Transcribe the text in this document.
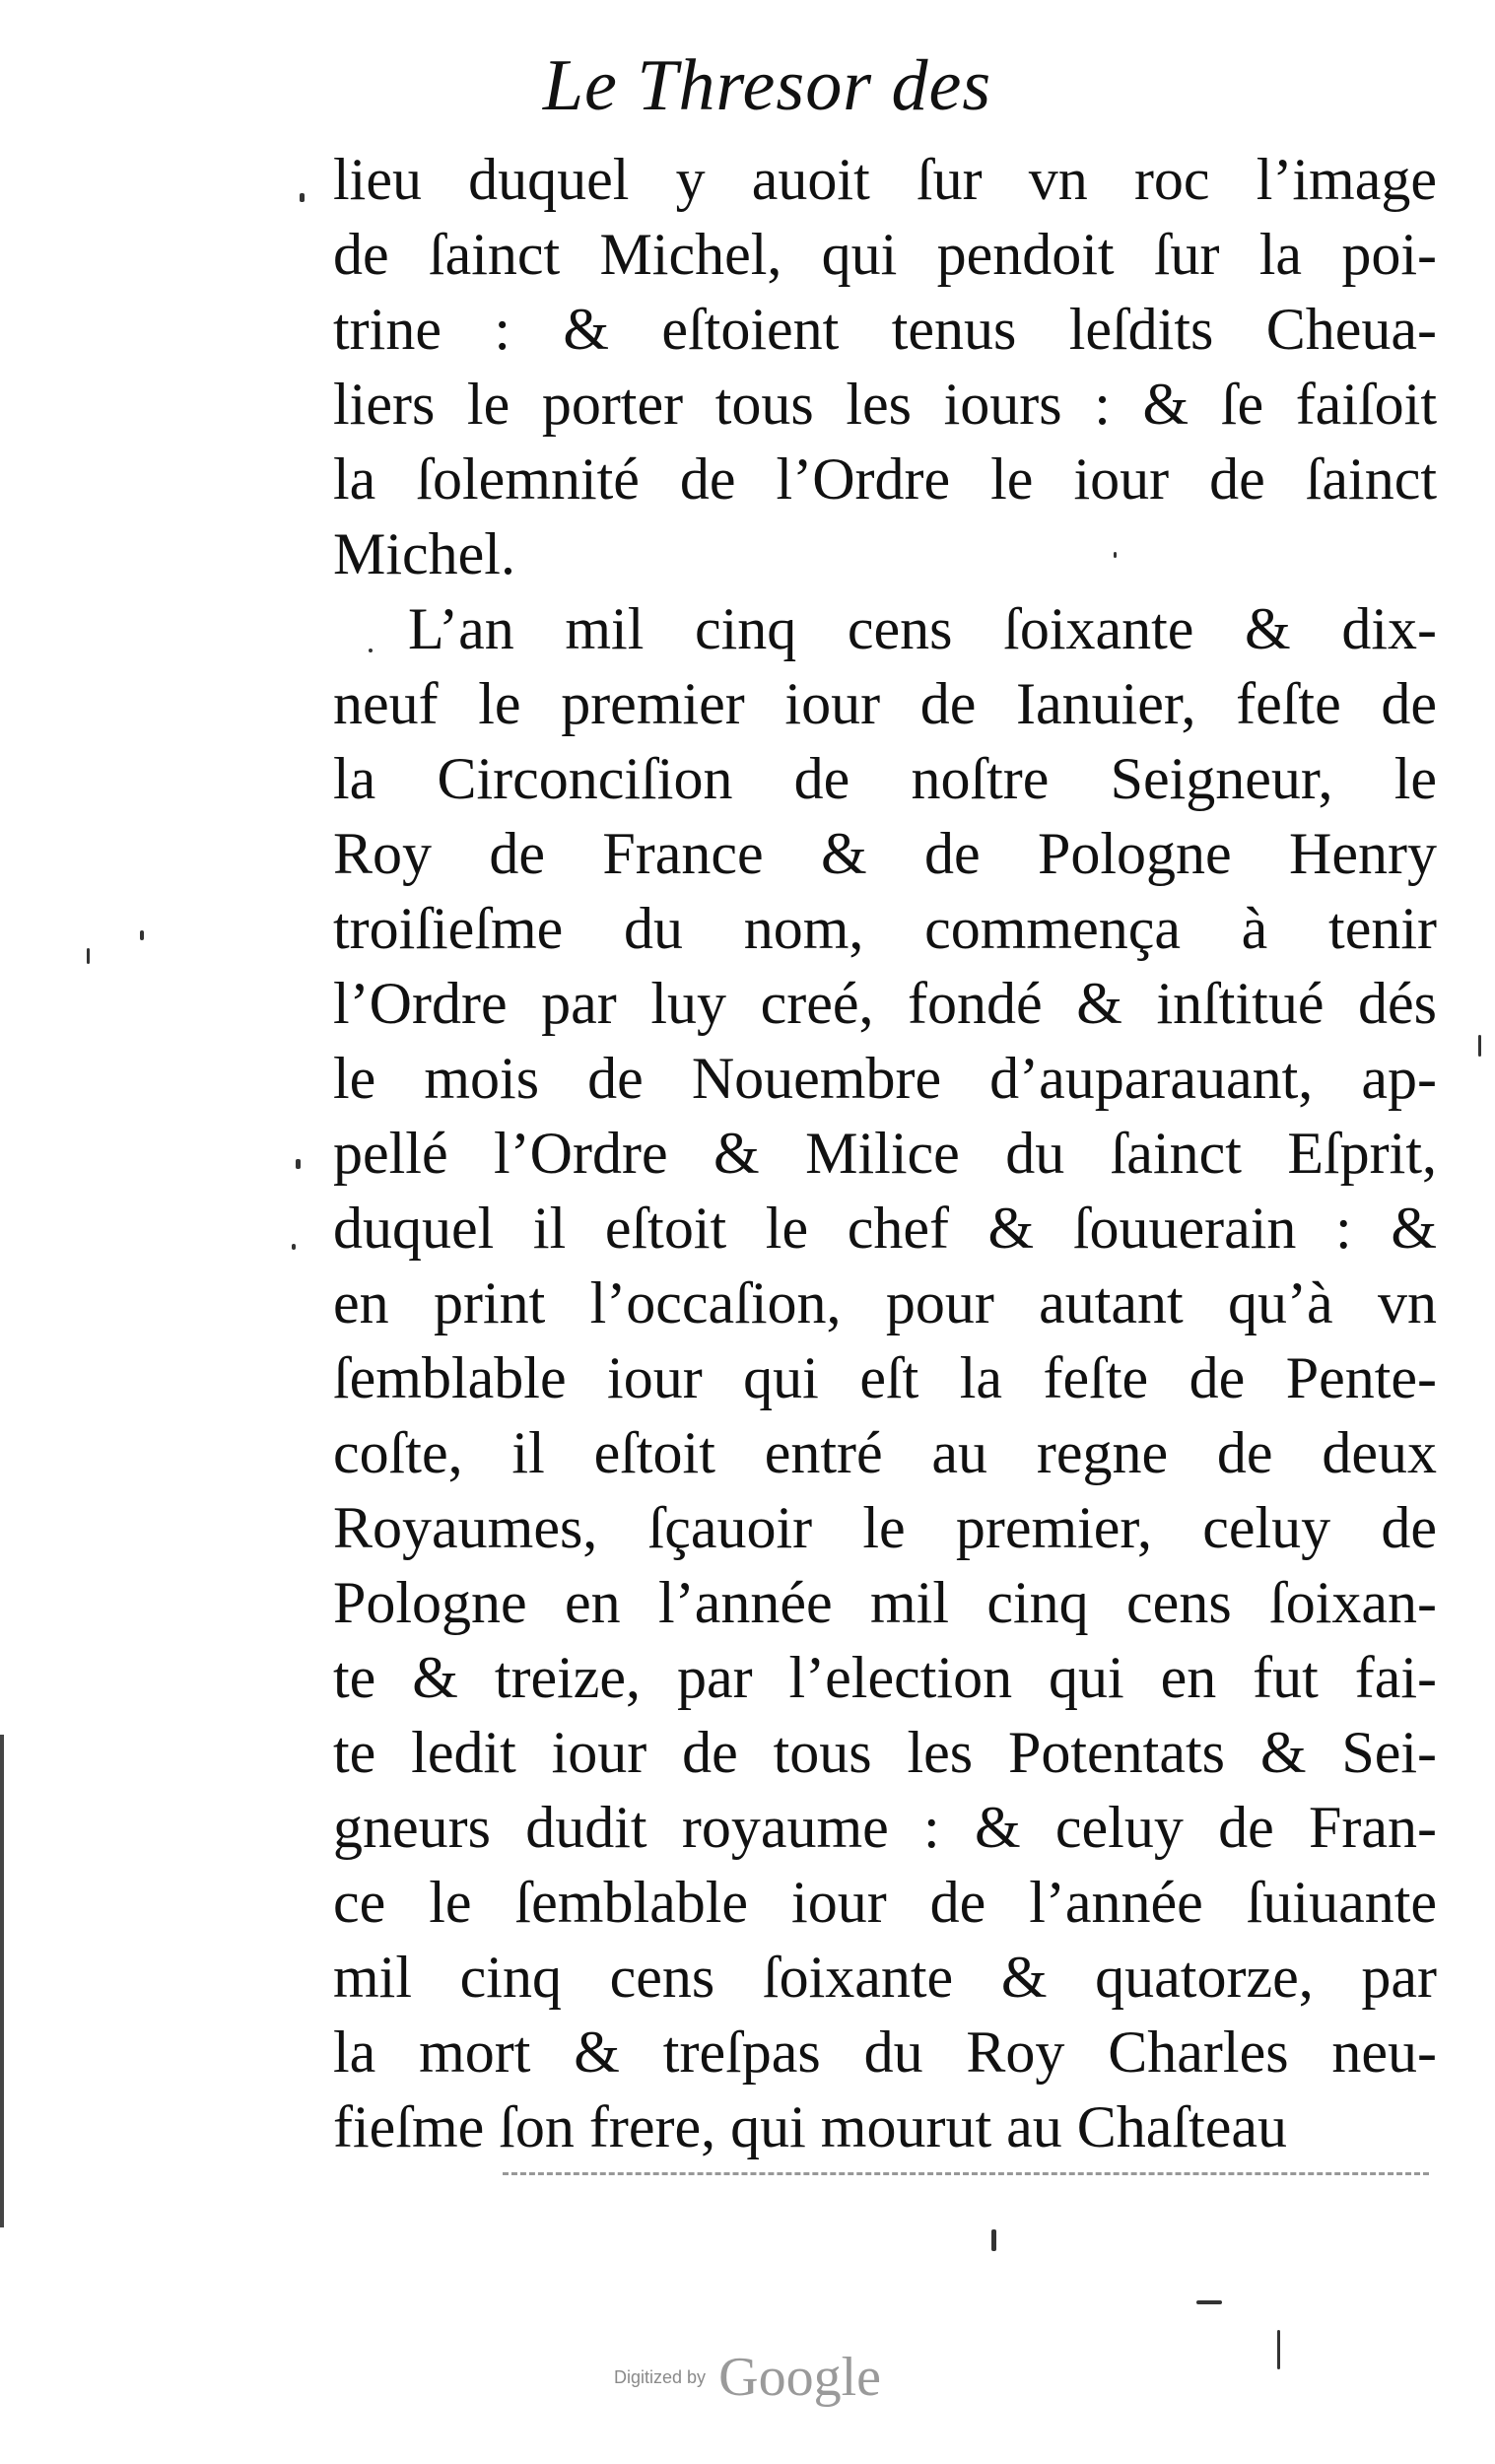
Le Thresor des
lieu duquel y auoit ſur vn roc l’image
de ſainct Michel, qui pendoit ſur la poi-
trine : & eſtoient tenus leſdits Cheua-
liers le porter tous les iours : & ſe faiſoit
la ſolemnité de l’Ordre le iour de ſainct
Michel.
L’an mil cinq cens ſoixante & dix-
neuf le premier iour de Ianuier, feſte de
la Circonciſion de noſtre Seigneur, le
Roy de France & de Pologne Henry
troiſieſme du nom, commença à tenir
l’Ordre par luy creé, fondé & inſtitué dés
le mois de Nouembre d’auparauant, ap-
pellé l’Ordre & Milice du ſainct Eſprit,
duquel il eſtoit le chef & ſouuerain : &
en print l’occaſion, pour autant qu’à vn
ſemblable iour qui eſt la feſte de Pente-
coſte, il eſtoit entré au regne de deux
Royaumes, ſçauoir le premier, celuy de
Pologne en l’année mil cinq cens ſoixan-
te & treize, par l’election qui en fut fai-
te ledit iour de tous les Potentats & Sei-
gneurs dudit royaume : & celuy de Fran-
ce le ſemblable iour de l’année ſuiuante
mil cinq cens ſoixante & quatorze, par
la mort & treſpas du Roy Charles neu-
fieſme ſon frere, qui mourut au Chaſteau
Digitized by Google
